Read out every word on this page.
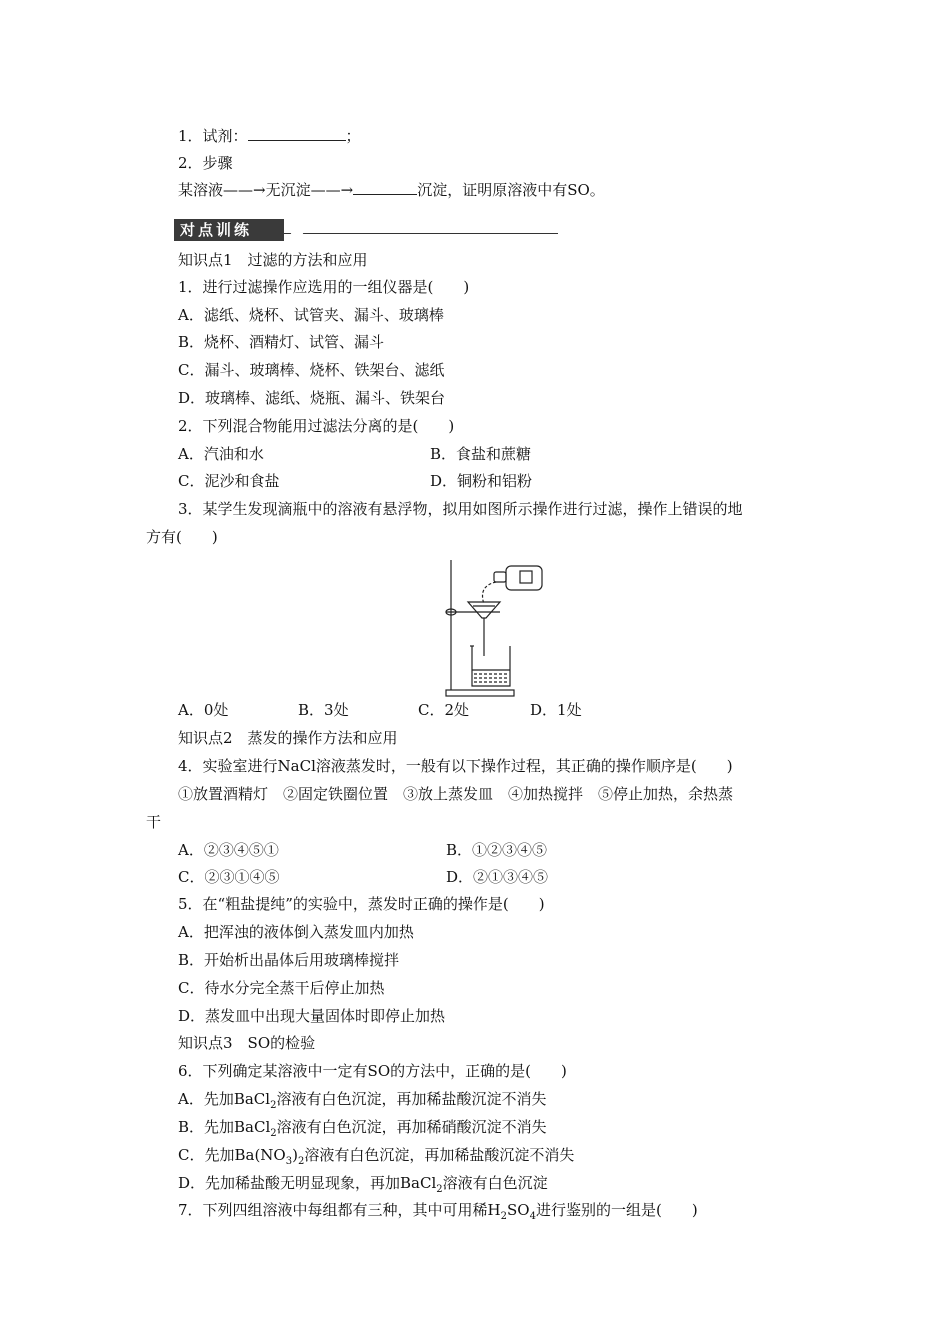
1．试剂：	；
2．步骤
某溶液——→无沉淀——→	沉淀，证明原溶液中有SO。
对点训练
知识点1　过滤的方法和应用
1．进行过滤操作应选用的一组仪器是(　　)
A．滤纸、烧杯、试管夹、漏斗、玻璃棒
B．烧杯、酒精灯、试管、漏斗
C．漏斗、玻璃棒、烧杯、铁架台、滤纸
D．玻璃棒、滤纸、烧瓶、漏斗、铁架台
2．下列混合物能用过滤法分离的是(　　)
A．汽油和水	B．食盐和蔗糖
C．泥沙和食盐	D．铜粉和铝粉
3．某学生发现滴瓶中的溶液有悬浮物，拟用如图所示操作进行过滤，操作上错误的地
方有(　　)
A．0处	B．3处	C．2处	D．1处
知识点2　蒸发的操作方法和应用
4．实验室进行NaCl溶液蒸发时，一般有以下操作过程，其正确的操作顺序是(　　)
①放置酒精灯　②固定铁圈位置　③放上蒸发皿　④加热搅拌　⑤停止加热，余热蒸
干
A．②③④⑤①	B．①②③④⑤
C．②③①④⑤	D．②①③④⑤
5．在“粗盐提纯”的实验中，蒸发时正确的操作是(　　)
A．把浑浊的液体倒入蒸发皿内加热
B．开始析出晶体后用玻璃棒搅拌
C．待水分完全蒸干后停止加热
D．蒸发皿中出现大量固体时即停止加热
知识点3　SO的检验
6．下列确定某溶液中一定有SO的方法中，正确的是(　　)
A．先加BaCl$_2$溶液有白色沉淀，再加稀盐酸沉淀不消失
B．先加BaCl$_2$溶液有白色沉淀，再加稀硝酸沉淀不消失
C．先加$Ba(NO_3)_2$溶液有白色沉淀，再加稀盐酸沉淀不消失
D．先加稀盐酸无明显现象，再加BaCl$_2$溶液有白色沉淀
7．下列四组溶液中每组都有三种，其中可用稀$H_2SO_4$进行鉴别的一组是(　　)
